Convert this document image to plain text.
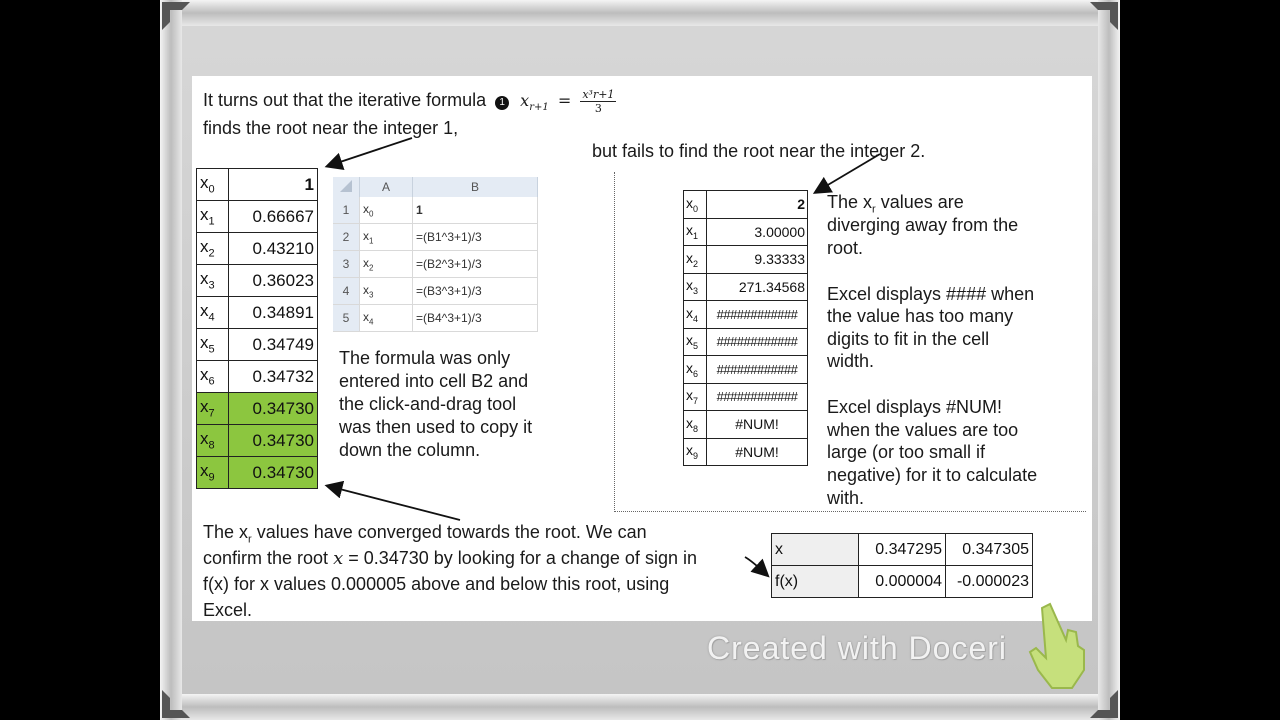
It turns out that the iterative formula 1 $x_{r+1} = \frac{\text{x³r+1}}{3}$
finds the root near the integer 1,
but fails to find the root near the integer 2.
$x_0$	1
$x_1$	0.66667
$x_2$	0.43210
$x_3$	0.36023
$x_4$	0.34891
$x_5$	0.34749
$x_6$	0.34732
$x_7$	0.34730
$x_8$	0.34730
$x_9$	0.34730
	A	B
1	$x_0$	1
2	$x_1$	=(B1^3+1)/3
3	$x_2$	=(B2^3+1)/3
4	$x_3$	=(B3^3+1)/3
5	$x_4$	=(B4^3+1)/3
The formula was only
entered into cell B2 and
the click-and-drag tool
was then used to copy it
down the column.
$x_0$	2
$x_1$	3.00000
$x_2$	9.33333
$x_3$	271.34568
$x_4$	############
$x_5$	############
$x_6$	############
$x_7$	############
$x_8$	#NUM!
$x_9$	#NUM!
The $x_r$ values are
diverging away from the
root.
Excel displays #### when
the value has too many
digits to fit in the cell
width.
Excel displays #NUM!
when the values are too
large (or too small if
negative) for it to calculate
with.
The $x_r$ values have converged towards the root. We can
confirm the root x = 0.34730 by looking for a change of sign in
f(x) for x values 0.000005 above and below this root, using
Excel.
x	0.347295	0.347305
f(x)	0.000004	-0.000023
Created with Doceri
